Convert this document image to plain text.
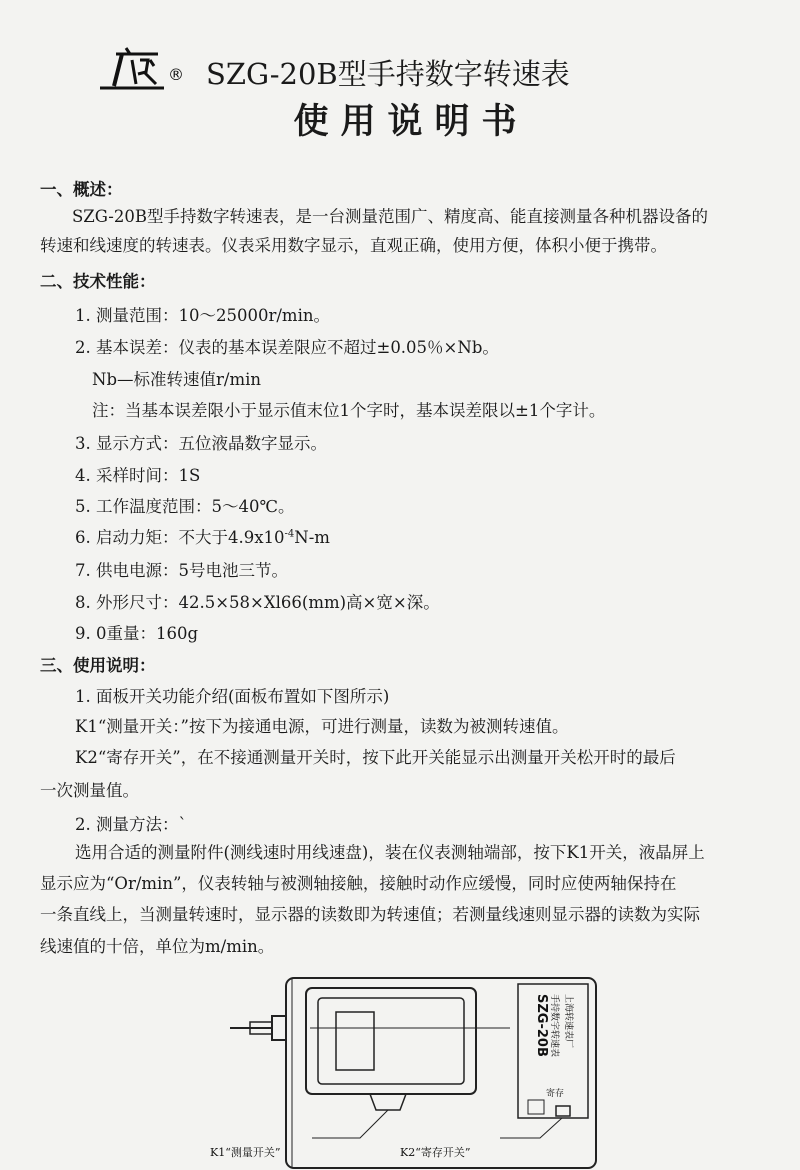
® SZG-20B型手持数字转速表
使用说明书
一、概述：
SZG-20B型手持数字转速表，是一台测量范围广、精度高、能直接测量各种机器设备的
转速和线速度的转速表。仪表采用数字显示，直观正确，使用方便，体积小便于携带。
二、技术性能：
1. 测量范围：10～25000r/min。
2. 基本误差：仪表的基本误差限应不超过±0.05％×Nb。
Nb—标准转速值r/min
注：当基本误差限小于显示值末位1个字时，基本误差限以±1个字计。
3. 显示方式：五位液晶数字显示。
4. 采样时间：1S
5. 工作温度范围：5～40℃。
6. 启动力矩：不大于$4.9x10^{-4}N-m$
7. 供电电源：5号电池三节。
8. 外形尺寸：42.5×58×Xl66(mm)高×宽×深。
9. 0重量：160g
三、使用说明：
1. 面板开关功能介绍(面板布置如下图所示)
K1“测量开关：”按下为接通电源，可进行测量，读数为被测转速值。
K2“寄存开关”，在不接通测量开关时，按下此开关能显示出测量开关松开时的最后
一次测量值。
2. 测量方法：`
选用合适的测量附件(测线速时用线速盘)，装在仪表测轴端部，按下K1开关，液晶屏上
显示应为“Or/min”，仪表转轴与被测轴接触，接触时动作应缓慢，同时应使两轴保持在
一条直线上，当测量转速时，显示器的读数即为转速值；若测量线速则显示器的读数为实际
线速值的十倍，单位为m/min。
SZG-20B 手持数字转速表 上海转速表厂
寄存
K1“测量开关”	K2“寄存开关”
